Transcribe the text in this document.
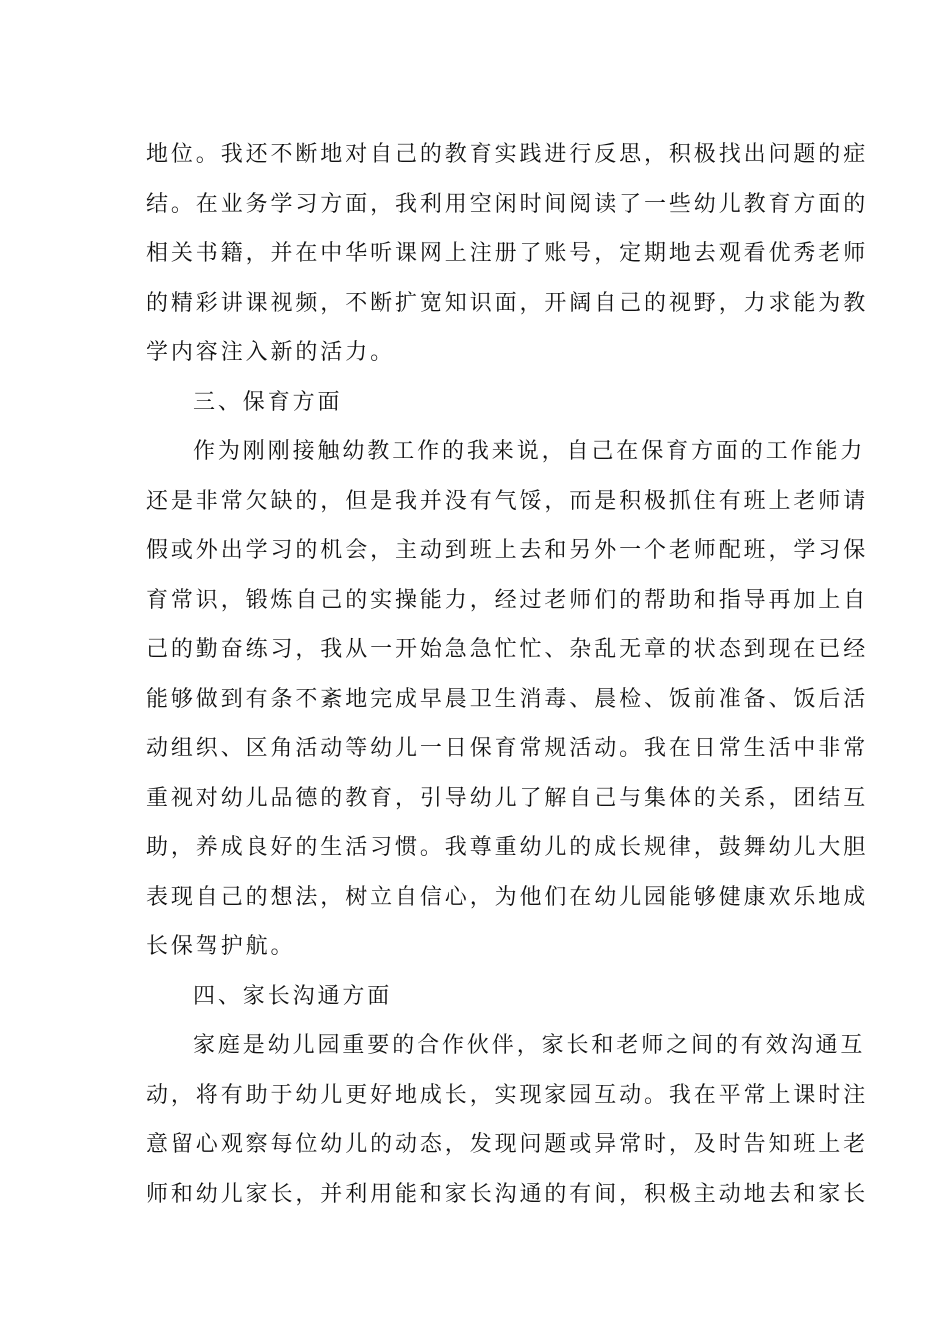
地位。我还不断地对自己的教育实践进行反思，积极找出问题的症
结。在业务学习方面，我利用空闲时间阅读了一些幼儿教育方面的
相关书籍，并在中华听课网上注册了账号，定期地去观看优秀老师
的精彩讲课视频，不断扩宽知识面，开阔自己的视野，力求能为教
学内容注入新的活力。
三、保育方面
作为刚刚接触幼教工作的我来说，自己在保育方面的工作能力
还是非常欠缺的，但是我并没有气馁，而是积极抓住有班上老师请
假或外出学习的机会，主动到班上去和另外一个老师配班，学习保
育常识，锻炼自己的实操能力，经过老师们的帮助和指导再加上自
己的勤奋练习，我从一开始急急忙忙、杂乱无章的状态到现在已经
能够做到有条不紊地完成早晨卫生消毒、晨检、饭前准备、饭后活
动组织、区角活动等幼儿一日保育常规活动。我在日常生活中非常
重视对幼儿品德的教育，引导幼儿了解自己与集体的关系，团结互
助，养成良好的生活习惯。我尊重幼儿的成长规律，鼓舞幼儿大胆
表现自己的想法，树立自信心，为他们在幼儿园能够健康欢乐地成
长保驾护航。
四、家长沟通方面
家庭是幼儿园重要的合作伙伴，家长和老师之间的有效沟通互
动，将有助于幼儿更好地成长，实现家园互动。我在平常上课时注
意留心观察每位幼儿的动态，发现问题或异常时，及时告知班上老
师和幼儿家长，并利用能和家长沟通的有间，积极主动地去和家长
